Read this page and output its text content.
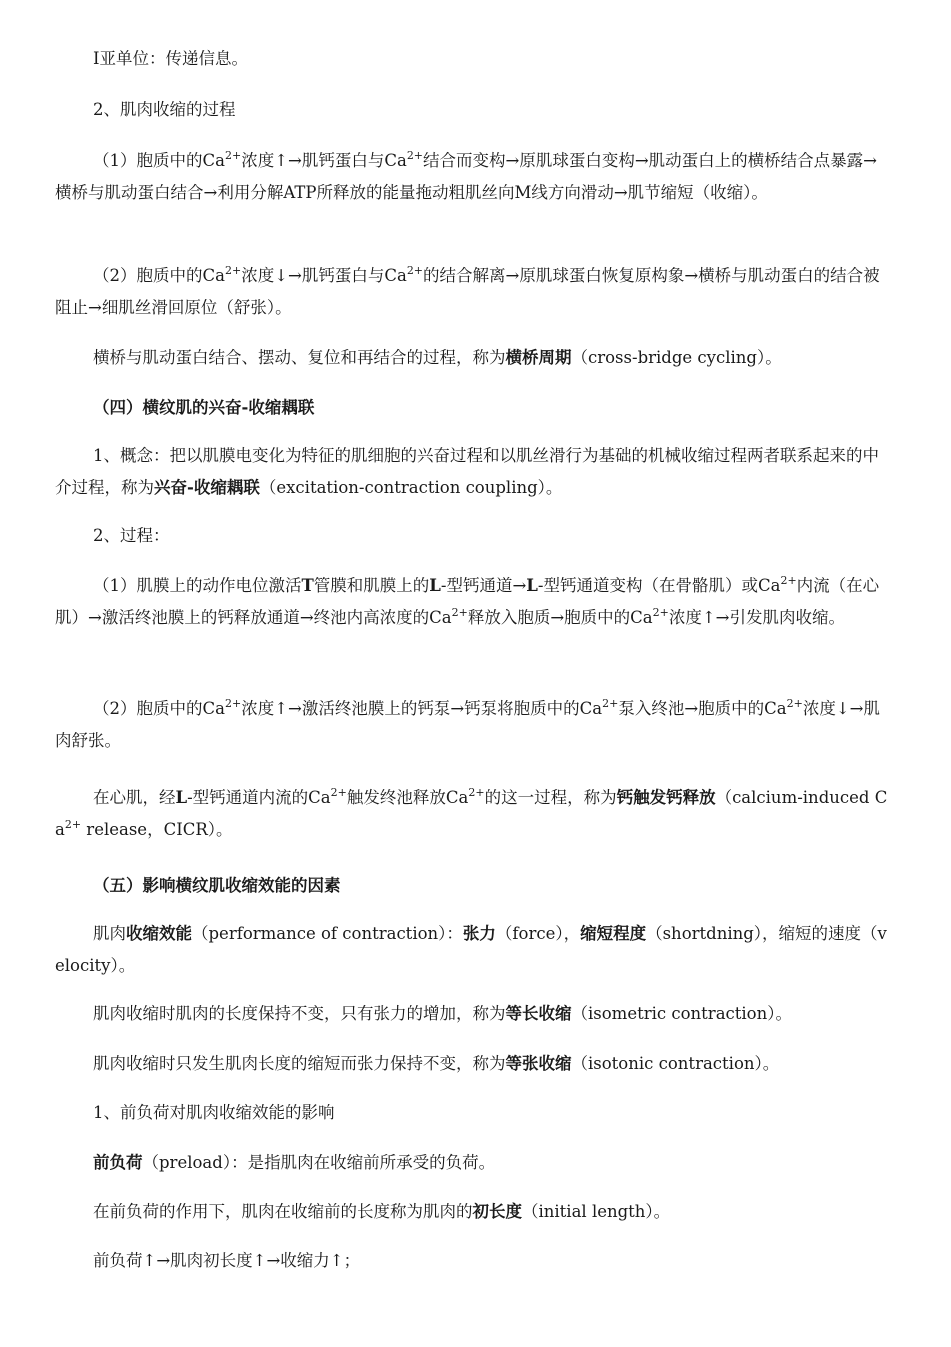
I亚单位：传递信息。

2、肌肉收缩的过程

（1）胞质中的$Ca^{2+}$浓度↑→肌钙蛋白与$Ca^{2+}$结合而变构→原肌球蛋白变构→肌动蛋白上的横桥结合点暴露→横桥与肌动蛋白结合→利用分解ATP所释放的能量拖动粗肌丝向M线方向滑动→肌节缩短（收缩）。

（2）胞质中的$Ca^{2+}$浓度↓→肌钙蛋白与$Ca^{2+}$的结合解离→原肌球蛋白恢复原构象→横桥与肌动蛋白的结合被阻止→细肌丝滑回原位（舒张）。

横桥与肌动蛋白结合、摆动、复位和再结合的过程，称为横桥周期（cross-bridge cycling）。

（四）横纹肌的兴奋-收缩耦联

1、概念：把以肌膜电变化为特征的肌细胞的兴奋过程和以肌丝滑行为基础的机械收缩过程两者联系起来的中介过程，称为兴奋-收缩耦联（excitation-contraction coupling）。

2、过程：

（1）肌膜上的动作电位激活T管膜和肌膜上的L-型钙通道→L-型钙通道变构（在骨骼肌）或$Ca^{2+}$内流（在心肌）→激活终池膜上的钙释放通道→终池内高浓度的$Ca^{2+}$释放入胞质→胞质中的$Ca^{2+}$浓度↑→引发肌肉收缩。

（2）胞质中的$Ca^{2+}$浓度↑→激活终池膜上的钙泵→钙泵将胞质中的$Ca^{2+}$泵入终池→胞质中的$Ca^{2+}$浓度↓→肌肉舒张。

在心肌，经L-型钙通道内流的$Ca^{2+}$触发终池释放$Ca^{2+}$的这一过程，称为钙触发钙释放（calcium-induced $Ca^{2+}$ release，CICR）。

（五）影响横纹肌收缩效能的因素

肌肉收缩效能（performance of contraction）：张力（force），缩短程度（shortdning），缩短的速度（velocity）。

肌肉收缩时肌肉的长度保持不变，只有张力的增加，称为等长收缩（isometric contraction）。

肌肉收缩时只发生肌肉长度的缩短而张力保持不变，称为等张收缩（isotonic contraction）。

1、前负荷对肌肉收缩效能的影响

前负荷（preload）：是指肌肉在收缩前所承受的负荷。

在前负荷的作用下，肌肉在收缩前的长度称为肌肉的初长度（initial length）。

前负荷↑→肌肉初长度↑→收缩力↑；
